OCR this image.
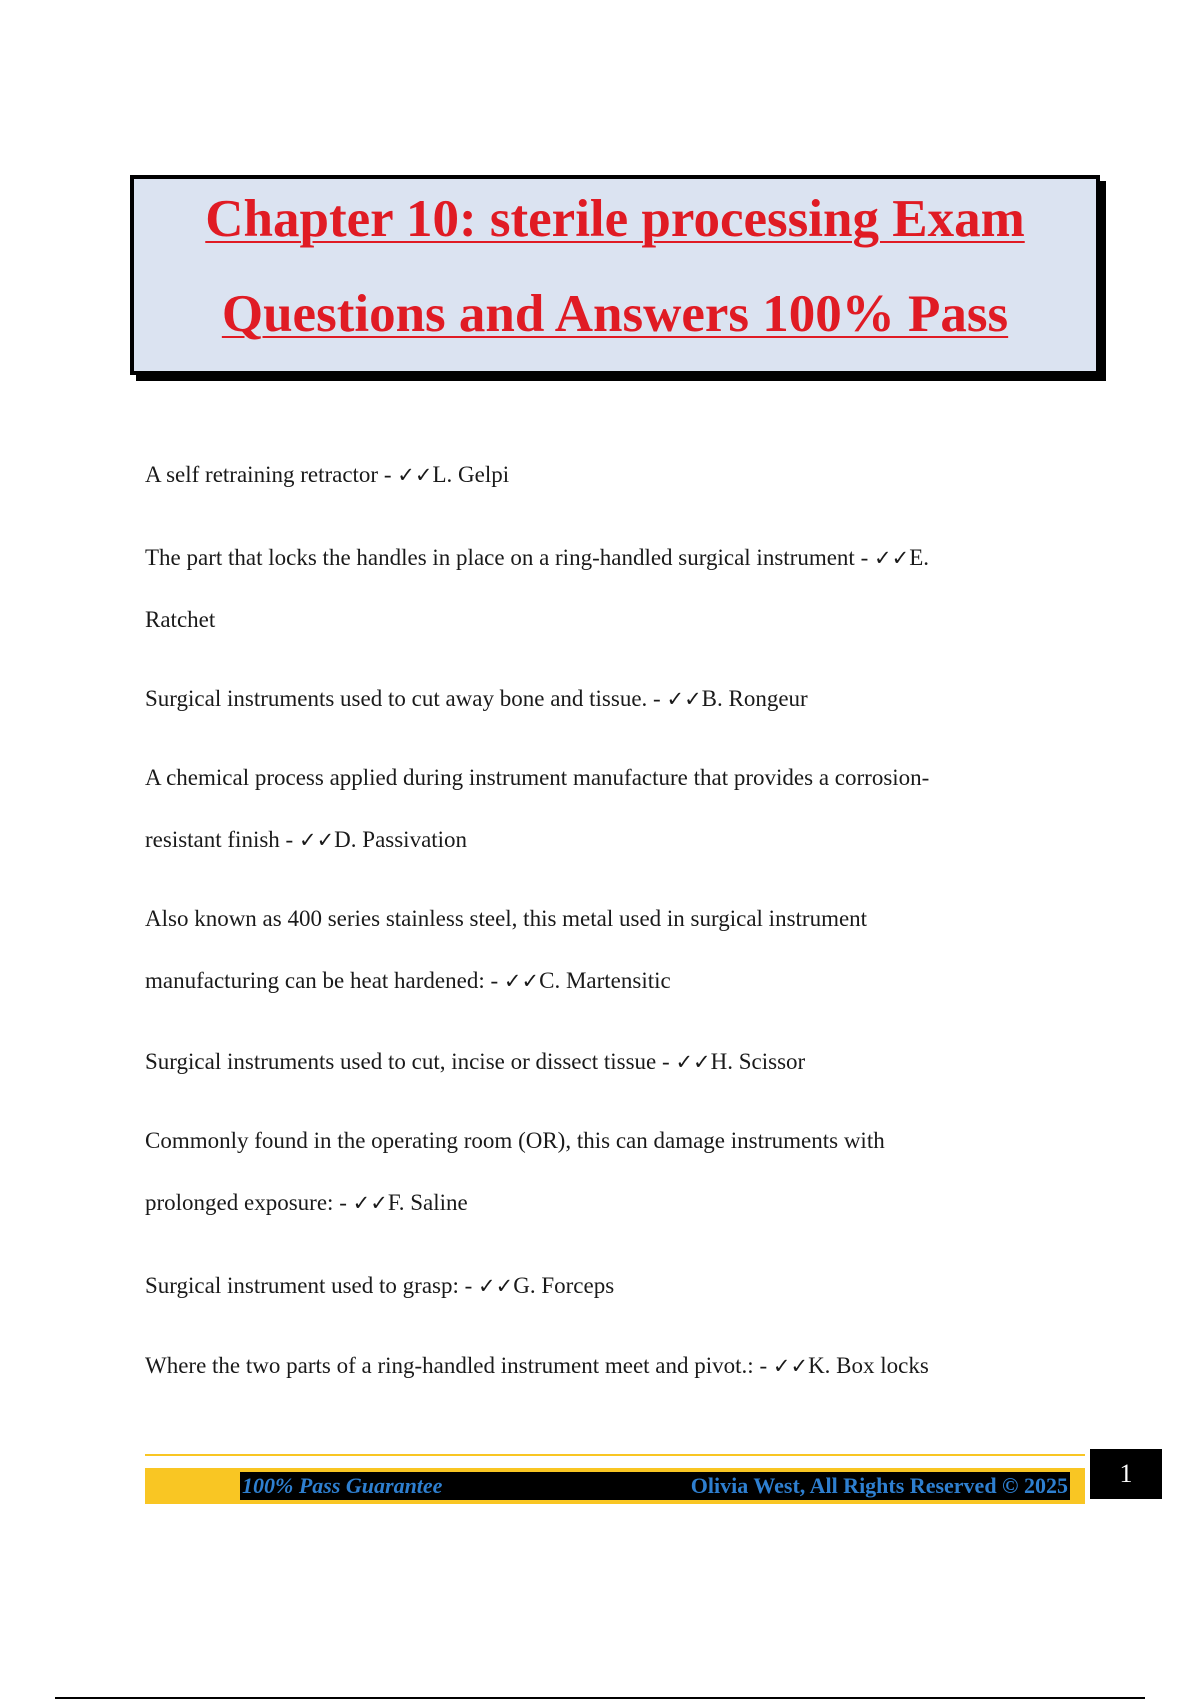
Chapter 10: sterile processing Exam
Questions and Answers 100% Pass
A self retraining retractor - ✓✓L. Gelpi
The part that locks the handles in place on a ring-handled surgical instrument - ✓✓E.
Ratchet
Surgical instruments used to cut away bone and tissue. - ✓✓B. Rongeur
A chemical process applied during instrument manufacture that provides a corrosion-
resistant finish - ✓✓D. Passivation
Also known as 400 series stainless steel, this metal used in surgical instrument
manufacturing can be heat hardened: - ✓✓C. Martensitic
Surgical instruments used to cut, incise or dissect tissue - ✓✓H. Scissor
Commonly found in the operating room (OR), this can damage instruments with
prolonged exposure: - ✓✓F. Saline
Surgical instrument used to grasp: - ✓✓G. Forceps
Where the two parts of a ring-handled instrument meet and pivot.: - ✓✓K. Box locks
100% Pass Guarantee	Olivia West, All Rights Reserved © 2025	1
